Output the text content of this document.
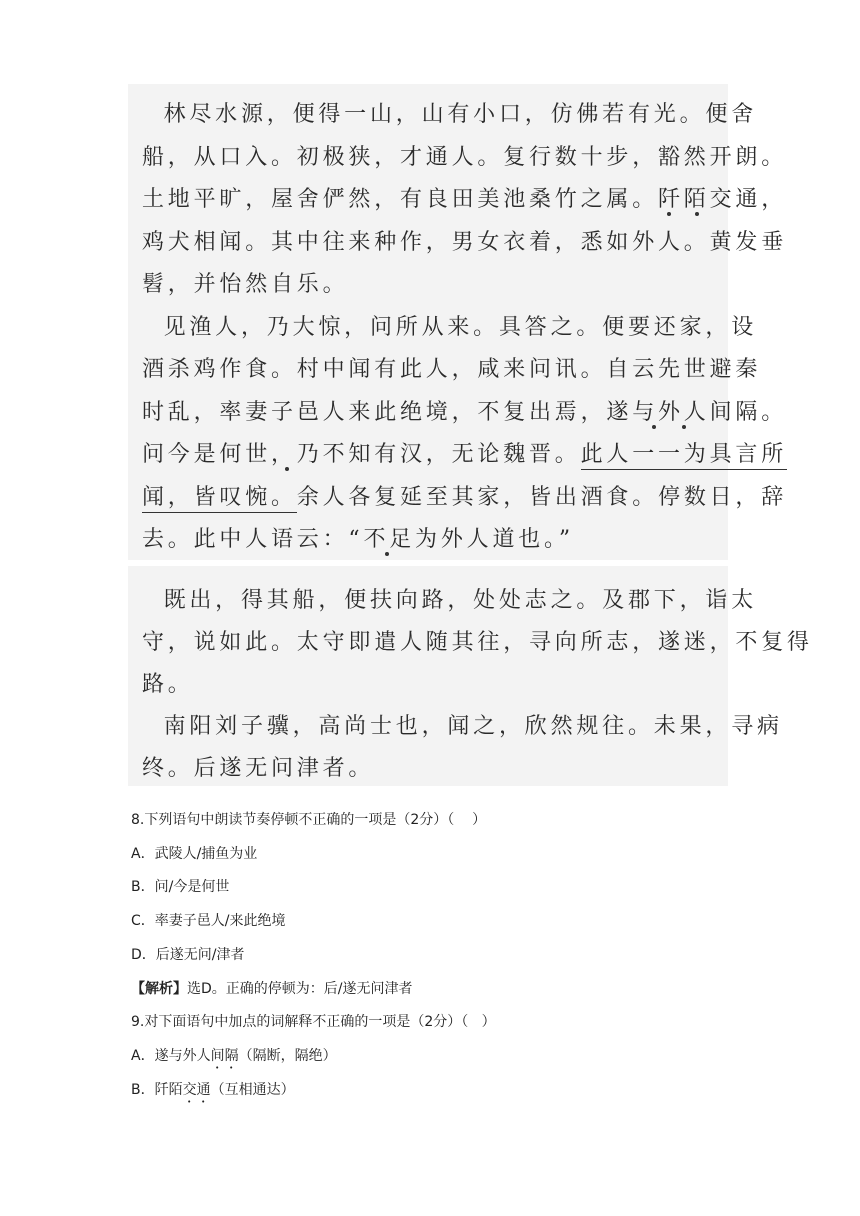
林尽水源，便得一山，山有小口，仿佛若有光。便舍
船，从口入。初极狭，才通人。复行数十步，豁然开朗。
土地平旷，屋舍俨然，有良田美池桑竹之属。阡陌交通，
鸡犬相闻。其中往来种作，男女衣着，悉如外人。黄发垂
髫，并怡然自乐。
见渔人，乃大惊，问所从来。具答之。便要还家，设
酒杀鸡作食。村中闻有此人，咸来问讯。自云先世避秦
时乱，率妻子邑人来此绝境，不复出焉，遂与外人间隔。
问今是何世，乃不知有汉，无论魏晋。此人一一为具言所
闻，皆叹惋。余人各复延至其家，皆出酒食。停数日，辞
去。此中人语云：“不足为外人道也。”
既出，得其船，便扶向路，处处志之。及郡下，诣太
守，说如此。太守即遣人随其往，寻向所志，遂迷，不复得
路。
南阳刘子骥，高尚士也，闻之，欣然规往。未果，寻病
终。后遂无问津者。
8.下列语句中朗读节奏停顿不正确的一项是（2分）（    ）
A．武陵人/捕鱼为业
B．问/今是何世
C．率妻子邑人/来此绝境
D．后遂无问/津者
【解析】选D。正确的停顿为：后/遂无问津者
9.对下面语句中加点的词解释不正确的一项是（2分）（   ）
A．遂与外人间隔（隔断，隔绝）
B．阡陌交通（互相通达）
